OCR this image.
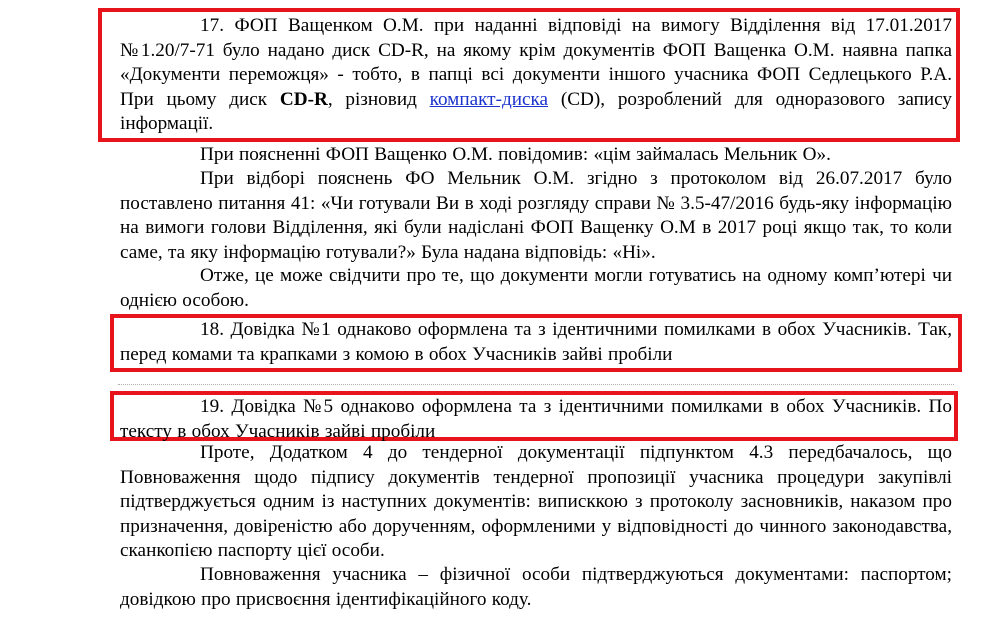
17. ФОП Ващенком О.М. при наданні відповіді на вимогу Відділення від 17.01.2017 №1.20/7-71 було надано диск CD-R, на якому крім документів ФОП Ващенка О.М. наявна папка «Документи переможця» - тобто, в папці всі документи іншого учасника ФОП Седлецького Р.А. При цьому диск CD-R, різновид компакт-диска (CD), розроблений для одноразового запису інформації.

При поясненні ФОП Ващенко О.М. повідомив: «цім займалась Мельник О».

При відборі пояснень ФО Мельник О.М. згідно з протоколом від 26.07.2017 було поставлено питання 41: «Чи готували Ви в ході розгляду справи № 3.5-47/2016 будь-яку інформацію на вимоги голови Відділення, які були надіслані ФОП Ващенку О.М в 2017 році якщо так, то коли саме, та яку інформацію готували?» Була надана відповідь: «Ні».

Отже, це може свідчити про те, що документи могли готуватись на одному комп’ютері чи однією особою.

18. Довідка №1 однаково оформлена та з ідентичними помилками в обох Учасників. Так, перед комами та крапками з комою в обох Учасників зайві пробіли

19. Довідка №5 однаково оформлена та з ідентичними помилками в обох Учасників. По тексту в обох Учасників зайві пробіли

Проте, Додатком 4 до тендерної документації підпунктом 4.3 передбачалось, що Повноваження щодо підпису документів тендерної пропозиції учасника процедури закупівлі підтверджується одним із наступних документів: виписккою з протоколу засновників, наказом про призначення, довіреністю або дорученням, оформленими у відповідності до чинного законодавства, сканкопією паспорту цієї особи.

Повноваження учасника – фізичної особи підтверджуються документами: паспортом; довідкою про присвоєння ідентифікаційного коду.
